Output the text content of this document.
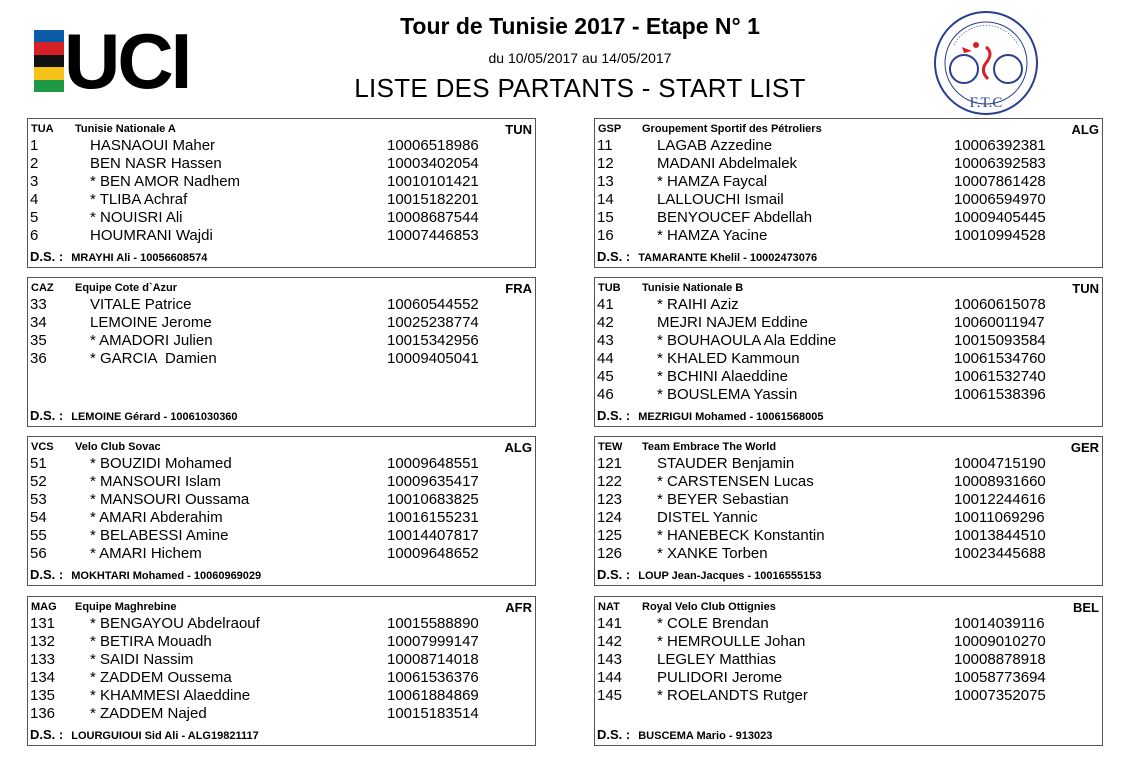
UCI	Tour de Tunisie 2017 - Etape N° 1
du 10/05/2017 au 14/05/2017
LISTE DES PARTANTS - START LIST	F.T.C
TUA Tunisie Nationale A	TUN
1	HASNAOUI Maher	10006518986
2	BEN NASR Hassen	10003402054
3	* BEN AMOR Nadhem	10010101421
4	* TLIBA Achraf	10015182201
5	* NOUISRI Ali	10008687544
6	HOUMRANI Wajdi	10007446853
D.S. : MRAYHI Ali - 10056608574
GSP Groupement Sportif des Pétroliers	ALG
11	LAGAB Azzedine	10006392381
12	MADANI Abdelmalek	10006392583
13	* HAMZA Faycal	10007861428
14	LALLOUCHI Ismail	10006594970
15	BENYOUCEF Abdellah	10009405445
16	* HAMZA Yacine	10010994528
D.S. : TAMARANTE Khelil - 10002473076
CAZ Equipe Cote d`Azur	FRA
33	VITALE Patrice	10060544552
34	LEMOINE Jerome	10025238774
35	* AMADORI Julien	10015342956
36	* GARCIA  Damien	10009405041
D.S. : LEMOINE Gérard - 10061030360
TUB Tunisie Nationale B	TUN
41	* RAIHI Aziz	10060615078
42	MEJRI NAJEM Eddine	10060011947
43	* BOUHAOULA Ala Eddine	10015093584
44	* KHALED Kammoun	10061534760
45	* BCHINI Alaeddine	10061532740
46	* BOUSLEMA Yassin	10061538396
D.S. : MEZRIGUI Mohamed - 10061568005
VCS Velo Club Sovac	ALG
51	* BOUZIDI Mohamed	10009648551
52	* MANSOURI Islam	10009635417
53	* MANSOURI Oussama	10010683825
54	* AMARI Abderahim	10016155231
55	* BELABESSI Amine	10014407817
56	* AMARI Hichem	10009648652
D.S. : MOKHTARI Mohamed - 10060969029
TEW Team Embrace The World	GER
121 STAUDER Benjamin	10004715190
122 * CARSTENSEN Lucas	10008931660
123 * BEYER Sebastian	10012244616
124 DISTEL Yannic	10011069296
125 * HANEBECK Konstantin	10013844510
126 * XANKE Torben	10023445688
D.S. : LOUP Jean-Jacques - 10016555153
MAG Equipe Maghrebine	AFR
131 * BENGAYOU Abdelraouf	10015588890
132 * BETIRA Mouadh	10007999147
133 * SAIDI Nassim	10008714018
134 * ZADDEM Oussema	10061536376
135 * KHAMMESI Alaeddine	10061884869
136 * ZADDEM Najed	10015183514
D.S. : LOURGUIOUI Sid Ali - ALG19821117
NAT Royal Velo Club Ottignies	BEL
141 * COLE Brendan	10014039116
142 * HEMROULLE Johan	10009010270
143 LEGLEY Matthias	10008878918
144 PULIDORI Jerome	10058773694
145 * ROELANDTS Rutger	10007352075
D.S. : BUSCEMA Mario - 913023
